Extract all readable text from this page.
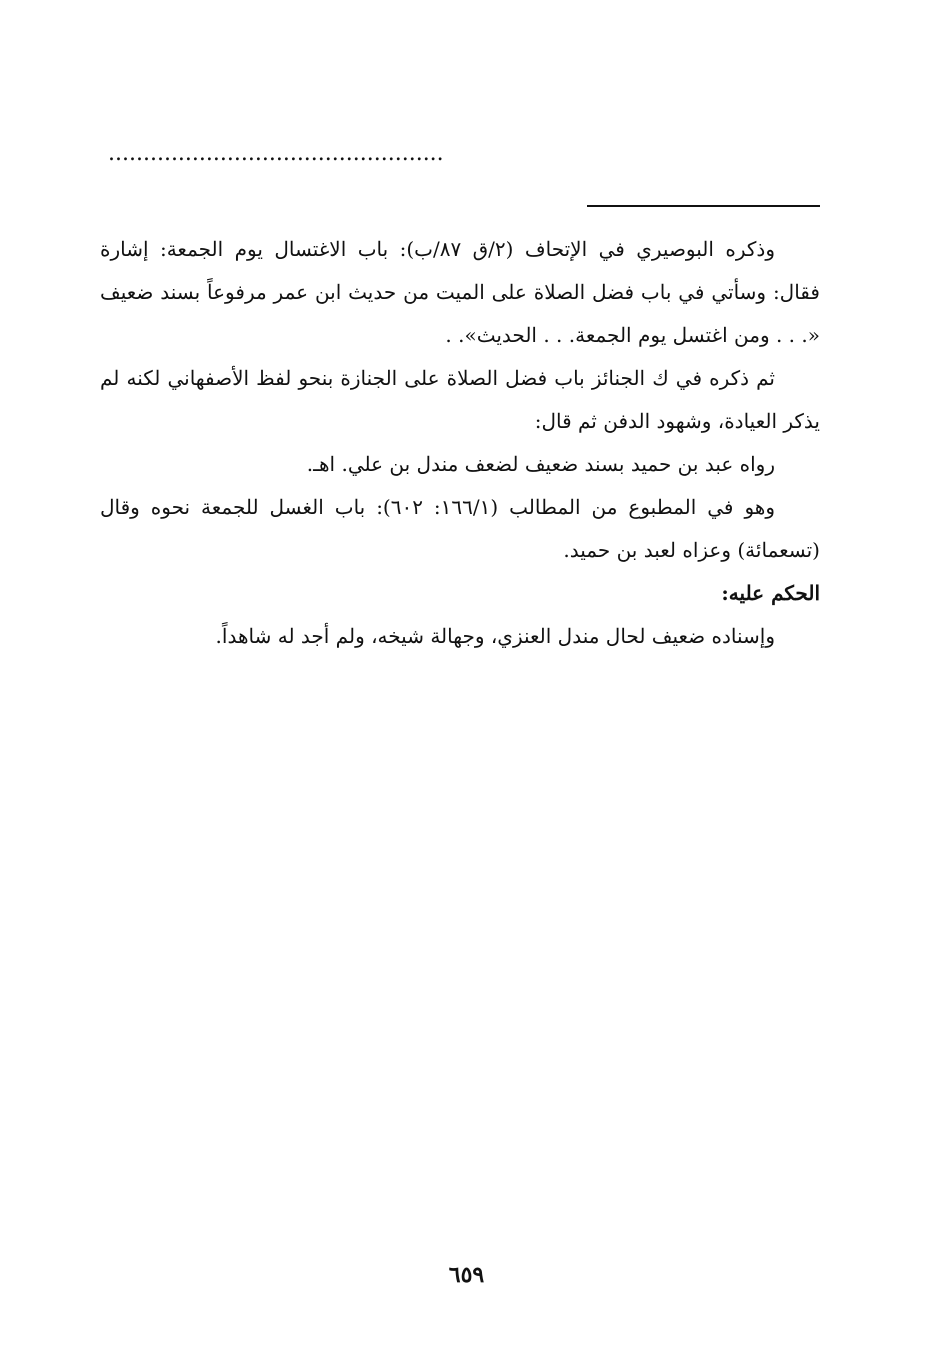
................................................

وذكره البوصيري في الإتحاف (٢/ق ٨٧/ب): باب الاغتسال يوم الجمعة: إشارة فقال: وسأتي في باب فضل الصلاة على الميت من حديث ابن عمر مرفوعاً بسند ضعيف «. . . ومن اغتسل يوم الجمعة. . . الحديث». .

ثم ذكره في ك الجنائز باب فضل الصلاة على الجنازة بنحو لفظ الأصفهاني لكنه لم يذكر العيادة، وشهود الدفن ثم قال:

رواه عبد بن حميد بسند ضعيف لضعف مندل بن علي. اهـ.

وهو في المطبوع من المطالب (١٦٦/١: ٦٠٢): باب الغسل للجمعة نحوه وقال (تسعمائة) وعزاه لعبد بن حميد.

الحكم عليه:

وإسناده ضعيف لحال مندل العنزي، وجهالة شيخه، ولم أجد له شاهداً.

٦٥٩
